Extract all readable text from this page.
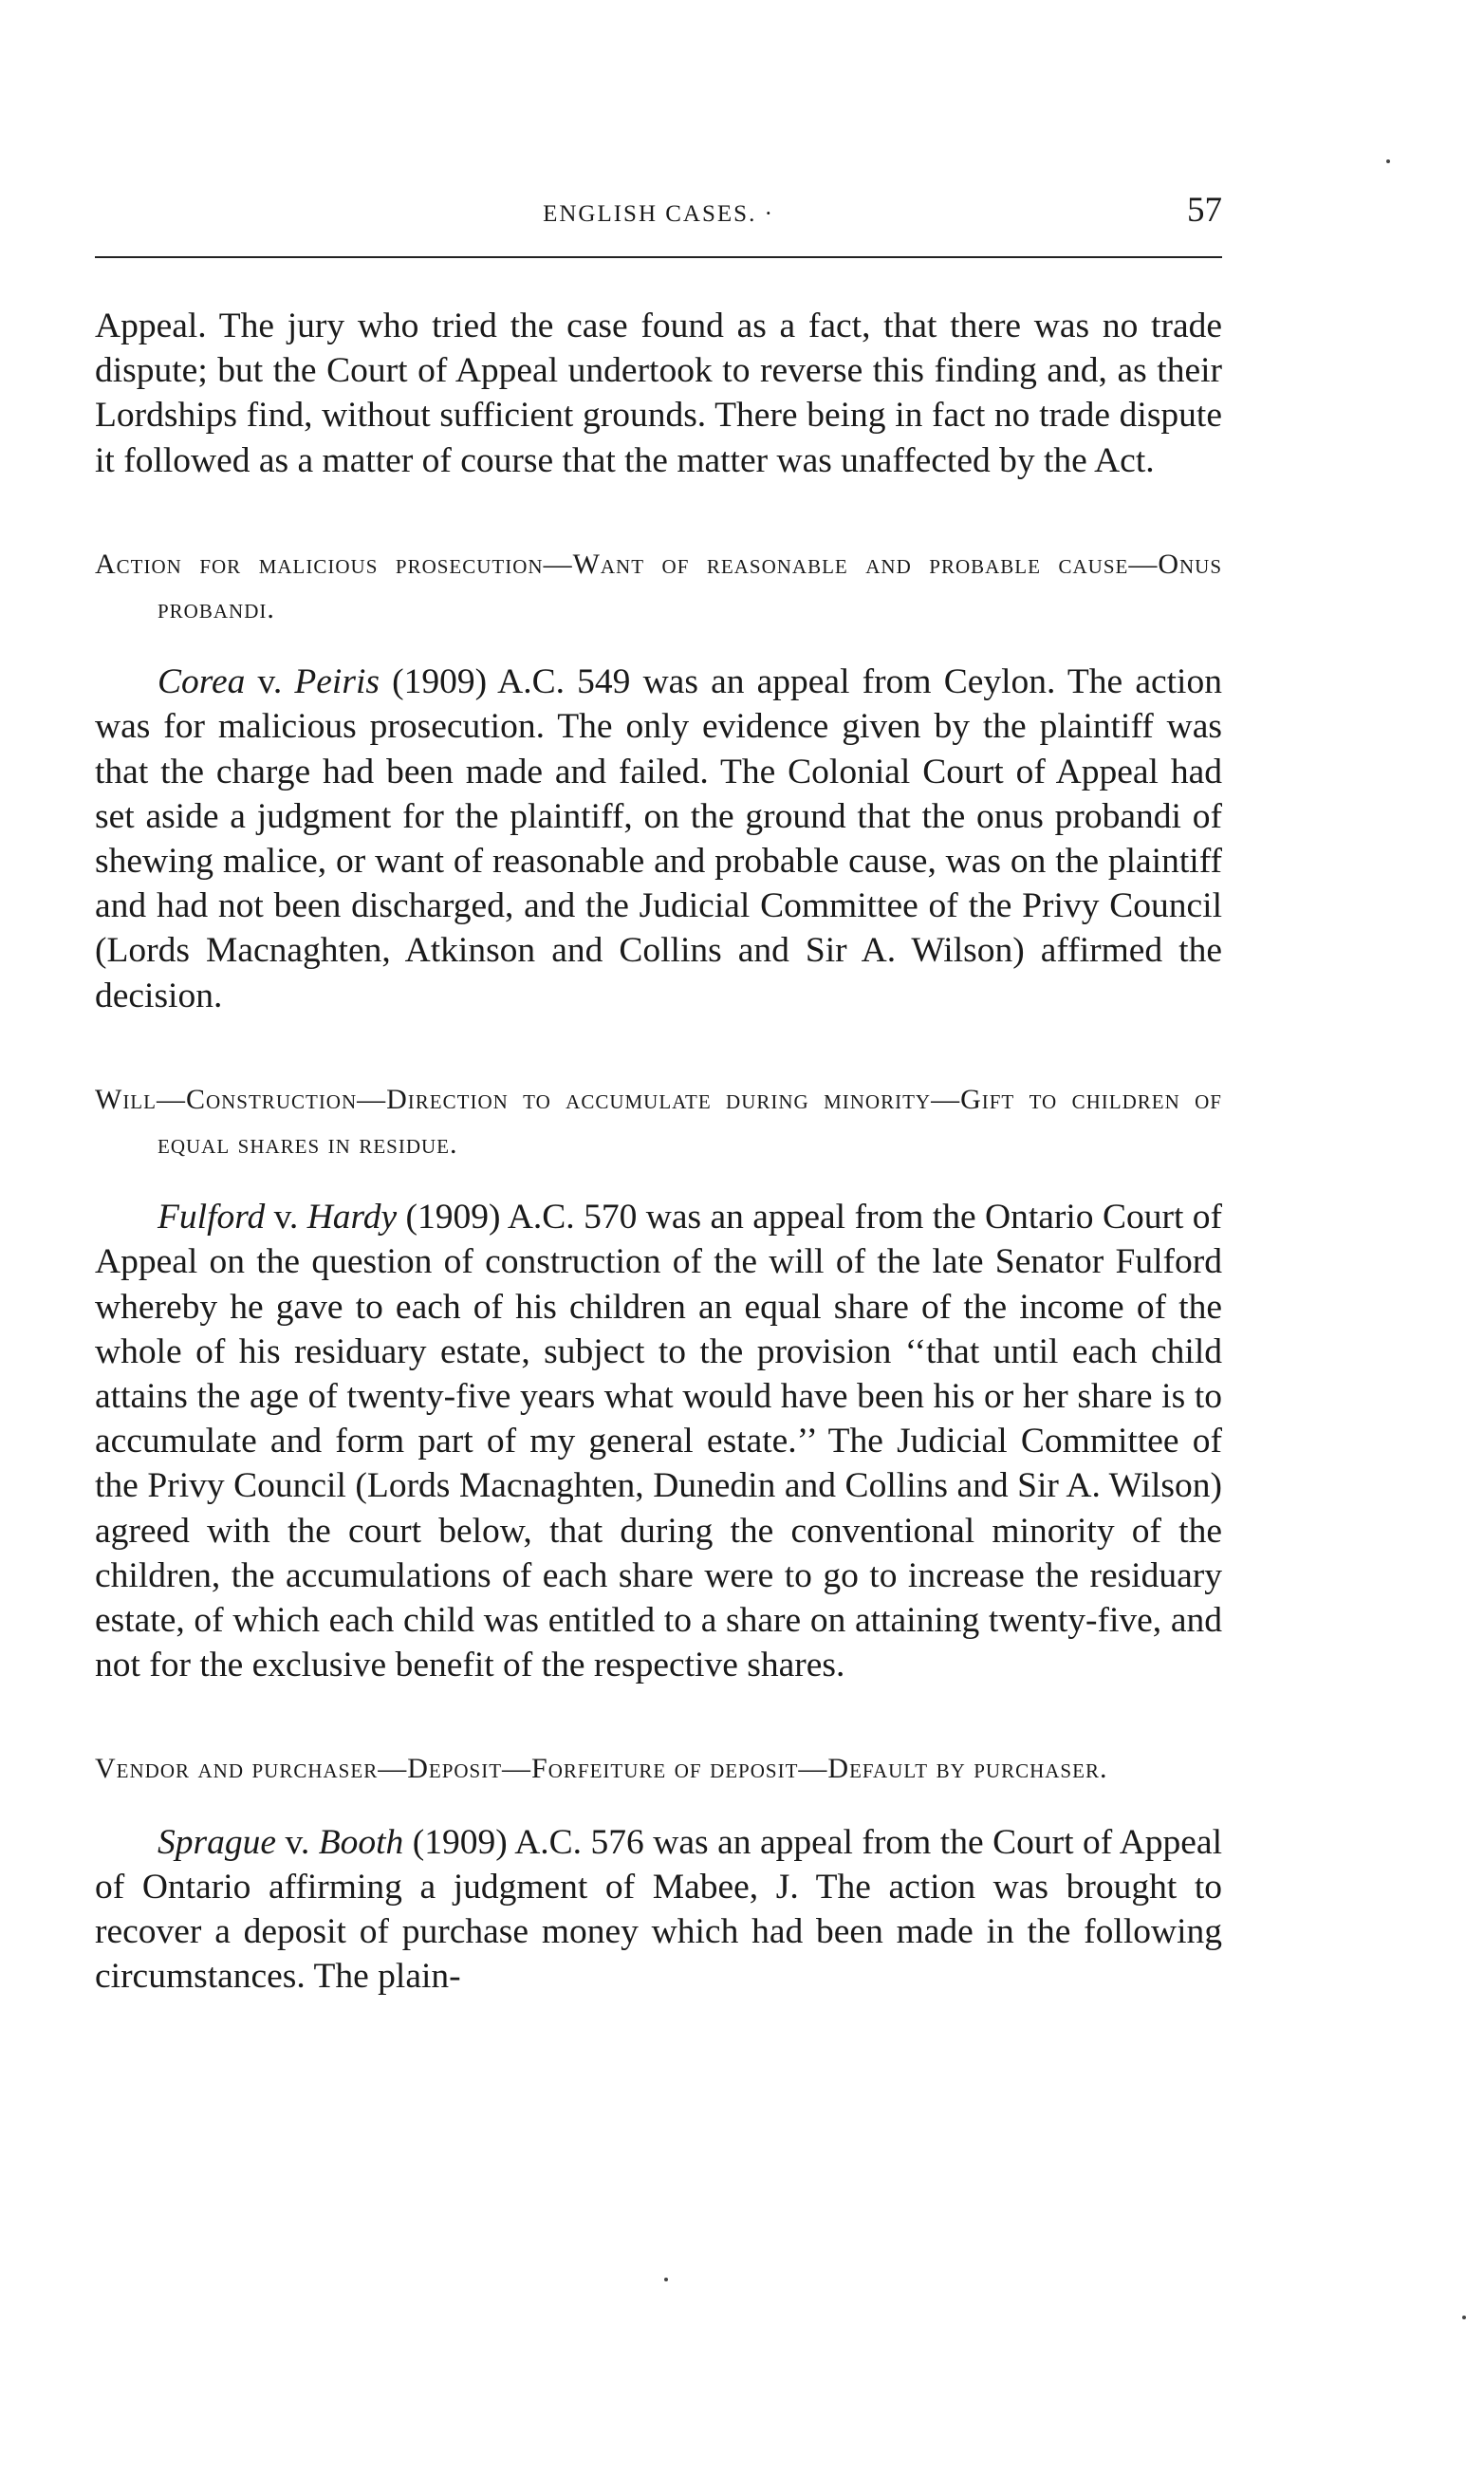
ENGLISH CASES. ·	57

Appeal. The jury who tried the case found as a fact, that there was no trade dispute; but the Court of Appeal undertook to reverse this finding and, as their Lordships find, without sufficient grounds. There being in fact no trade dispute it followed as a matter of course that the matter was unaffected by the Act.

Action for malicious prosecution—Want of reasonable and probable cause—Onus probandi.

Corea v. Peiris (1909) A.C. 549 was an appeal from Ceylon. The action was for malicious prosecution. The only evidence given by the plaintiff was that the charge had been made and failed. The Colonial Court of Appeal had set aside a judgment for the plaintiff, on the ground that the onus probandi of shewing malice, or want of reasonable and probable cause, was on the plaintiff and had not been discharged, and the Judicial Committee of the Privy Council (Lords Macnaghten, Atkinson and Collins and Sir A. Wilson) affirmed the decision.

Will—Construction—Direction to accumulate during minority—Gift to children of equal shares in residue.

Fulford v. Hardy (1909) A.C. 570 was an appeal from the Ontario Court of Appeal on the question of construction of the will of the late Senator Fulford whereby he gave to each of his children an equal share of the income of the whole of his residuary estate, subject to the provision ‘‘that until each child attains the age of twenty-five years what would have been his or her share is to accumulate and form part of my general estate.’’ The Judicial Committee of the Privy Council (Lords Macnaghten, Dunedin and Collins and Sir A. Wilson) agreed with the court below, that during the conventional minority of the children, the accumulations of each share were to go to increase the residuary estate, of which each child was entitled to a share on attaining twenty-five, and not for the exclusive benefit of the respective shares.

Vendor and purchaser—Deposit—Forfeiture of deposit—Default by purchaser.

Sprague v. Booth (1909) A.C. 576 was an appeal from the Court of Appeal of Ontario affirming a judgment of Mabee, J. The action was brought to recover a deposit of purchase money which had been made in the following circumstances. The plain-
